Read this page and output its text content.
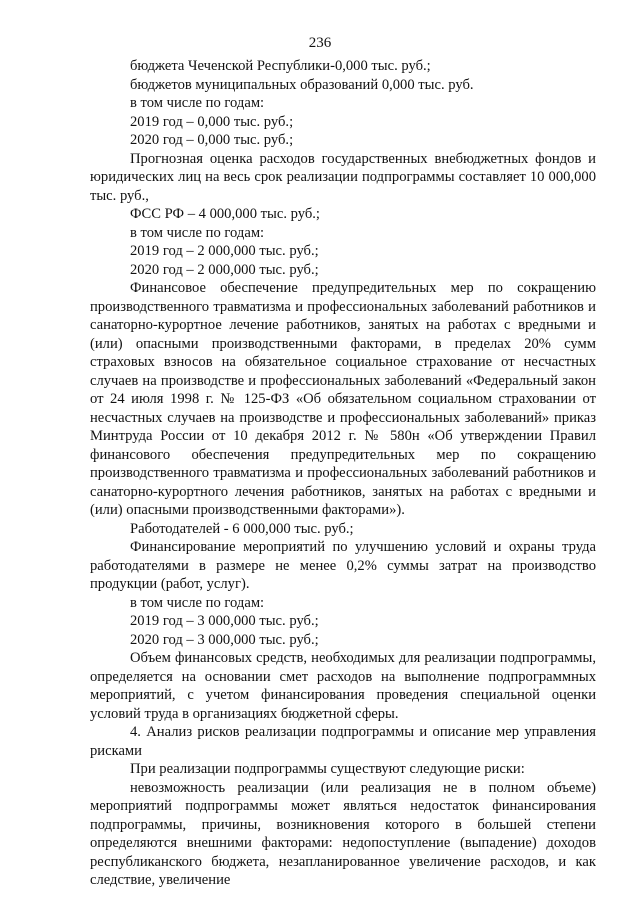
236

бюджета Чеченской Республики-0,000 тыс. руб.;

бюджетов муниципальных образований 0,000 тыс. руб.

в том числе по годам:

2019 год – 0,000 тыс. руб.;

2020 год – 0,000 тыс. руб.;

Прогнозная оценка расходов государственных внебюджетных фондов и юридических лиц на весь срок реализации подпрограммы составляет 10 000,000 тыс. руб.,

ФСС РФ – 4 000,000 тыс. руб.;

в том числе по годам:

2019 год – 2 000,000 тыс. руб.;

2020 год – 2 000,000 тыс. руб.;

Финансовое обеспечение предупредительных мер по сокращению производственного травматизма и профессиональных заболеваний работников и санаторно-курортное лечение работников, занятых на работах с вредными и (или) опасными производственными факторами, в пределах 20% сумм страховых взносов на обязательное социальное страхование от несчастных случаев на производстве и профессиональных заболеваний «Федеральный закон от 24 июля 1998 г. № 125-ФЗ «Об обязательном социальном страховании от несчастных случаев на производстве и профессиональных заболеваний» приказ Минтруда России от 10 декабря 2012 г. № 580н «Об утверждении Правил финансового обеспечения предупредительных мер по сокращению производственного травматизма и профессиональных заболеваний работников и санаторно-курортного лечения работников, занятых на работах с вредными и (или) опасными производственными факторами»).

Работодателей - 6 000,000 тыс. руб.;

Финансирование мероприятий по улучшению условий и охраны труда работодателями в размере не менее 0,2% суммы затрат на производство продукции (работ, услуг).

в том числе по годам:

2019 год – 3 000,000 тыс. руб.;

2020 год – 3 000,000 тыс. руб.;

Объем финансовых средств, необходимых для реализации подпрограммы, определяется на основании смет расходов на выполнение подпрограммных мероприятий, с учетом финансирования проведения специальной оценки условий труда в организациях бюджетной сферы.

4. Анализ рисков реализации подпрограммы и описание мер управления рисками

При реализации подпрограммы существуют следующие риски:

невозможность реализации (или реализация не в полном объеме) мероприятий подпрограммы может являться недостаток финансирования подпрограммы, причины, возникновения которого в большей степени определяются внешними факторами: недопоступление (выпадение) доходов республиканского бюджета, незапланированное увеличение расходов, и как следствие, увеличение
